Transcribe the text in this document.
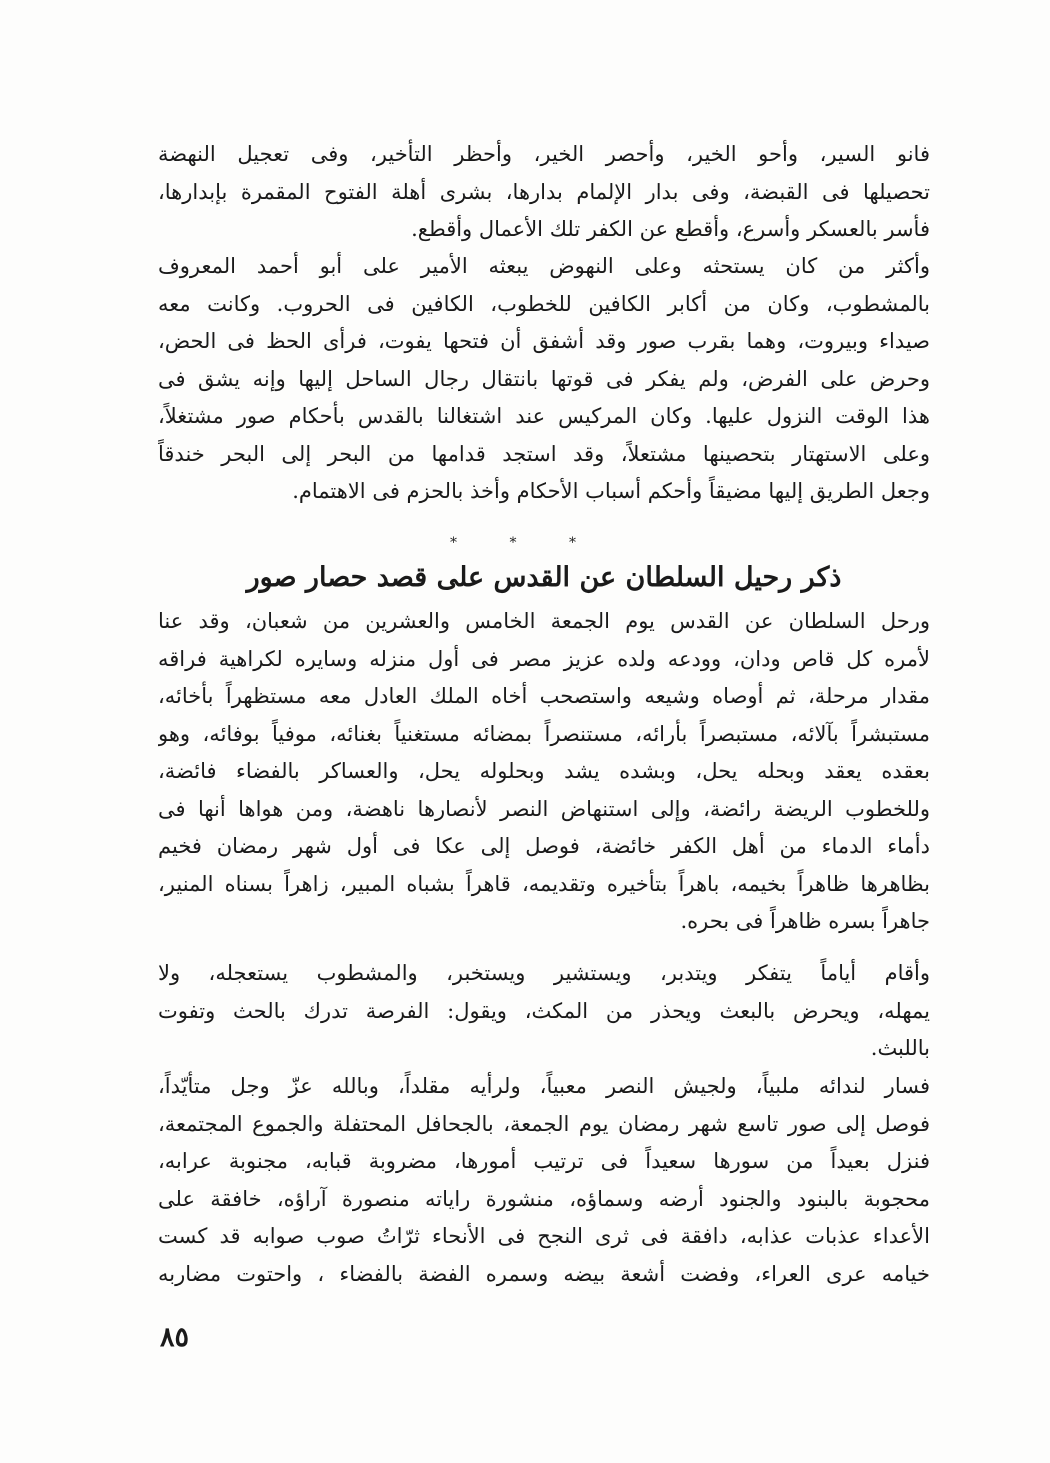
فانو السير، وأحو الخير، وأحصر الخير، وأحظر التأخير، وفى تعجيل النهضة
تحصيلها فى القبضة، وفى بدار الإلمام بدارها، بشرى أهلة الفتوح المقمرة بإبدارها،
فأسر بالعسكر وأسرع، وأقطع عن الكفر تلك الأعمال وأقطع.
وأكثر من كان يستحثه وعلى النهوض يبعثه الأمير على أبو أحمد المعروف
بالمشطوب، وكان من أكابر الكافين للخطوب، الكافين فى الحروب. وكانت معه
صيداء وبيروت، وهما بقرب صور وقد أشفق أن فتحها يفوت، فرأى الحظ فى الحض،
وحرض على الفرض، ولم يفكر فى قوتها بانتقال رجال الساحل إليها وإنه يشق فى
هذا الوقت النزول عليها. وكان المركيس عند اشتغالنا بالقدس بأحكام صور مشتغلاً،
وعلى الاستهتار بتحصينها مشتعلاً، وقد استجد قدامها من البحر إلى البحر خندقاً
وجعل الطريق إليها مضيقاً وأحكم أسباب الأحكام وأخذ بالحزم فى الاهتمام.
* * *
ذكر رحيل السلطان عن القدس على قصد حصار صور
ورحل السلطان عن القدس يوم الجمعة الخامس والعشرين من شعبان، وقد عنا
لأمره كل قاص ودان، وودعه ولده عزيز مصر فى أول منزله وسايره لكراهية فراقه
مقدار مرحلة، ثم أوصاه وشيعه واستصحب أخاه الملك العادل معه مستظهراً بأخائه،
مستبشراً بآلائه، مستبصراً بأرائه، مستنصراً بمضائه مستغنياً بغنائه، موفياً بوفائه، وهو
بعقده يعقد وبحله يحل، وبشده يشد وبحلوله يحل، والعساكر بالفضاء فائضة،
وللخطوب الريضة رائضة، وإلى استنهاض النصر لأنصارها ناهضة، ومن هواها أنها فى
دأماء الدماء من أهل الكفر خائضة، فوصل إلى عكا فى أول شهر رمضان فخيم
بظاهرها ظاهراً بخيمه، باهراً بتأخيره وتقديمه، قاهراً بشباه المبير، زاهراً بسناه المنير،
جاهراً بسره ظاهراً فى بحره.
وأقام أياماً يتفكر ويتدبر، ويستشير ويستخبر، والمشطوب يستعجله، ولا
يمهله، ويحرض بالبعث ويحذر من المكث، ويقول: الفرصة تدرك بالحث وتفوت
باللبث.
فسار لندائه ملبياً، ولجيش النصر معبياً، ولرأيه مقلداً، وبالله عزّ وجل متأيّداً،
فوصل إلى صور تاسع شهر رمضان يوم الجمعة، بالجحافل المحتفلة والجموع المجتمعة،
فنزل بعيداً من سورها سعيداً فى ترتيب أمورها، مضروبة قبابه، مجنوبة عرابه،
محجوبة بالبنود والجنود أرضه وسماؤه، منشورة راياته منصورة آراؤه، خافقة على
الأعداء عذبات عذابه، دافقة فى ثرى النجح فى الأنحاء ثرّاتُ صوب صوابه قد كست
خيامه عرى العراء، وفضت أشعة بيضه وسمره الفضة بالفضاء ، واحتوت مضاربه
٨٥
